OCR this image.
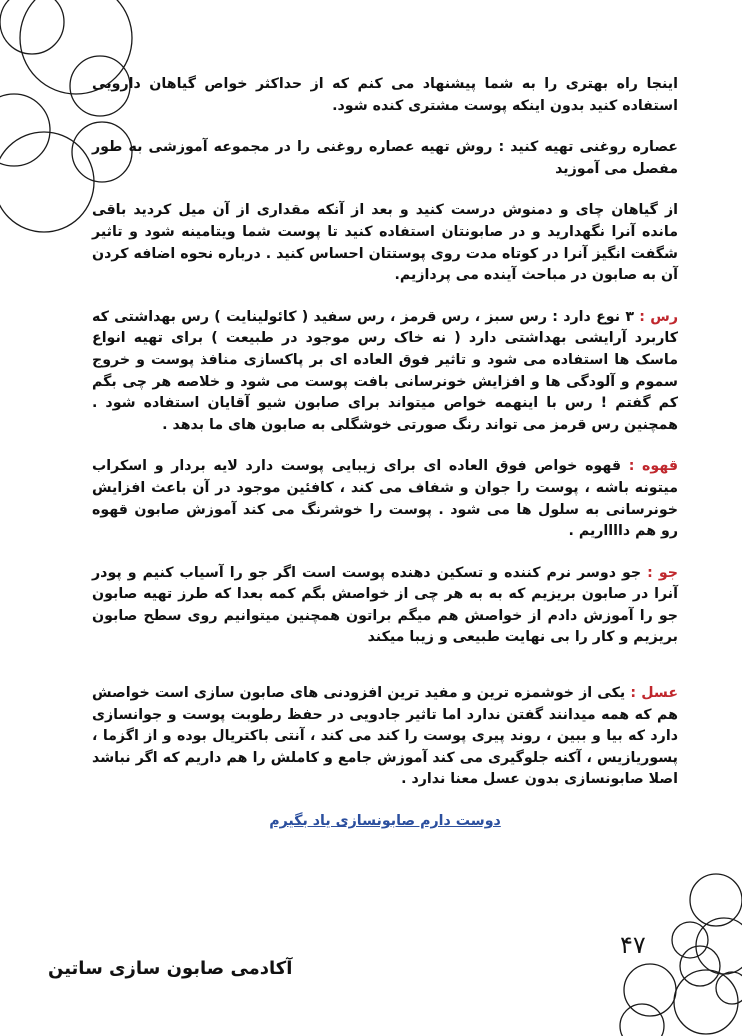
اینجا راه بهتری را به شما پیشنهاد می کنم که از حداکثر خواص گیاهان دارویی استفاده کنید بدون اینکه پوست مشتری کنده شود.

عصاره روغنی تهیه کنید : روش تهیه عصاره روغنی را در مجموعه آموزشی به طور مفصل می آموزید

از گیاهان چای و دمنوش درست کنید و بعد از آنکه مقداری از آن میل کردید باقی مانده آنرا نگهدارید و در صابونتان استفاده کنید تا پوست شما ویتامینه شود و تاثیر شگفت انگیز آنرا در کوتاه مدت روی پوستتان احساس کنید . درباره نحوه اضافه کردن آن به صابون در مباحث آینده می پردازیم.

رس : ۳ نوع دارد : رس سبز ، رس قرمز ، رس سفید ( کائولینایت ) رس بهداشتی که کاربرد آرایشی بهداشتی دارد ( نه خاک رس موجود در طبیعت ) برای تهیه انواع ماسک ها استفاده می شود و تاثیر فوق العاده ای بر پاکسازی منافذ پوست و خروج سموم و آلودگی ها و افزایش خونرسانی بافت پوست می شود و خلاصه هر چی بگم کم گفتم ! رس با اینهمه خواص میتواند برای صابون شیو آقایان استفاده شود . همچنین رس قرمز می تواند رنگ صورتی خوشگلی به صابون های ما بدهد .

قهوه : قهوه خواص فوق العاده ای برای زیبایی پوست دارد لایه بردار و اسکراب میتونه باشه ، پوست را جوان و شفاف می کند ، کافئین موجود در آن باعث افزایش خونرسانی به سلول ها می شود . پوست را خوشرنگ می کند آموزش صابون قهوه رو هم دااااریم .

جو : جو دوسر نرم کننده و تسکین دهنده پوست است اگر جو را آسیاب کنیم و پودر آنرا در صابون بریزیم که به به هر چی از خواصش بگم کمه بعدا که طرز تهیه صابون جو را آموزش دادم از خواصش هم میگم براتون همچنین میتوانیم روی سطح صابون بریزیم و کار را بی نهایت طبیعی و زیبا میکند

عسل : یکی از خوشمزه ترین و مفید ترین افزودنی های صابون سازی است خواصش هم که همه میدانند گفتن ندارد اما تاثیر جادویی در حفظ رطوبت پوست و جوانسازی دارد که بیا و ببین ، روند پیری پوست را کند می کند ، آنتی باکتریال بوده و از اگزما ، پسوریازیس ، آکنه جلوگیری می کند آموزش جامع و کاملش را هم داریم که اگر نباشد اصلا صابونسازی بدون عسل معنا ندارد .

دوست دارم صابونسازی یاد بگیرم
۴۷
آکادمی صابون سازی ساتین
